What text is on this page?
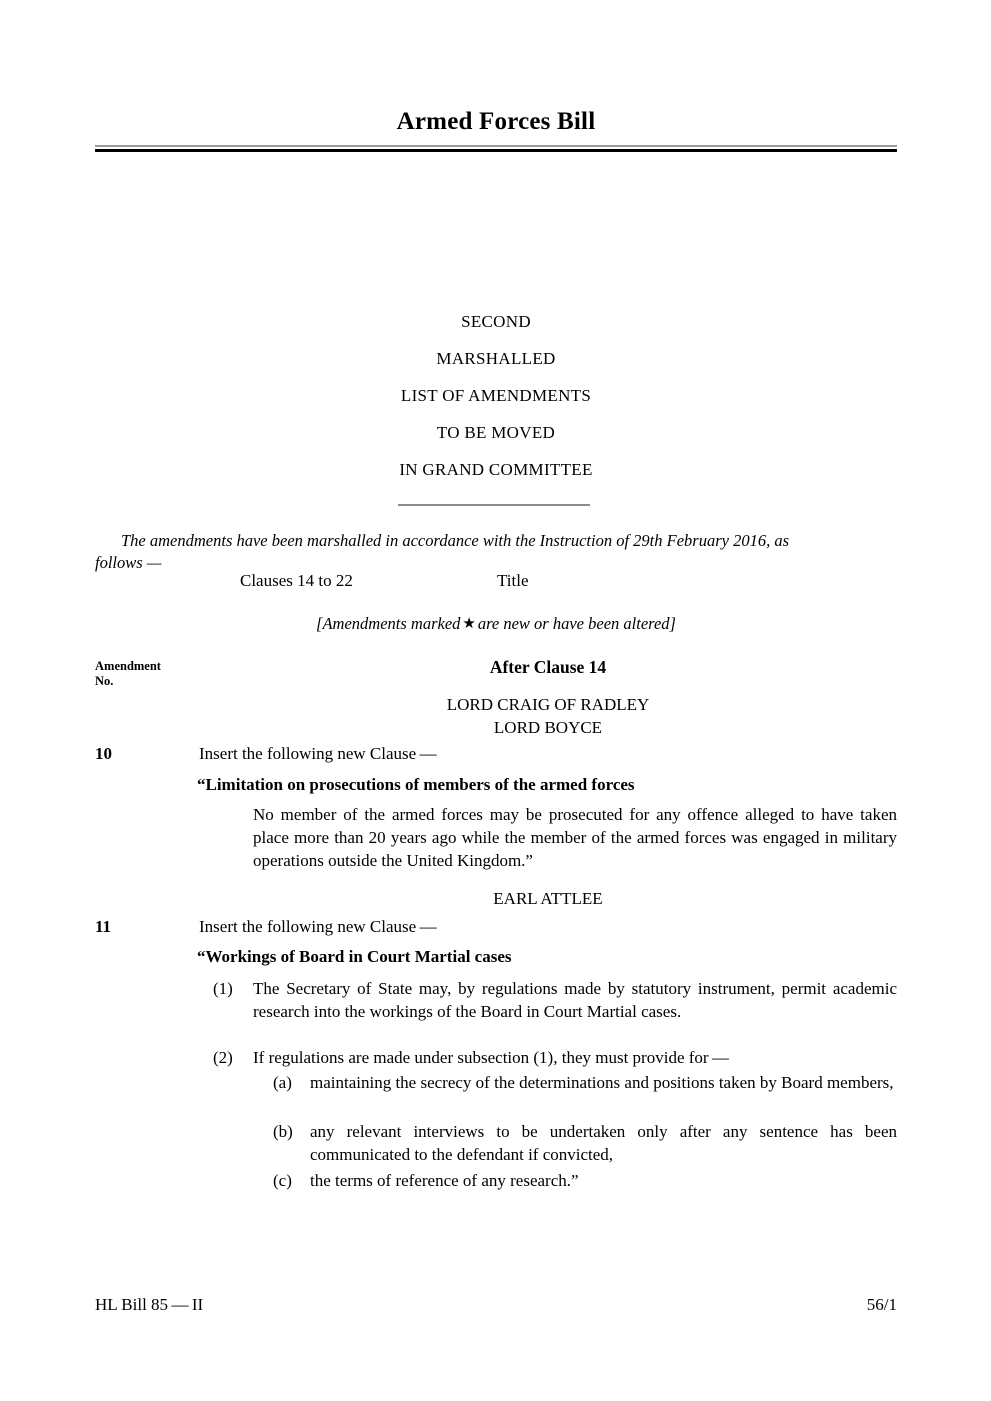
Armed Forces Bill
SECOND
MARSHALLED
LIST OF AMENDMENTS
TO BE MOVED
IN GRAND COMMITTEE
The amendments have been marshalled in accordance with the Instruction of 29th February 2016, as
follows —
Clauses 14 to 22	Title
[Amendments marked ★ are new or have been altered]
Amendment
No.
After Clause 14
LORD CRAIG OF RADLEY
LORD BOYCE
10	Insert the following new Clause —
“Limitation on prosecutions of members of the armed forces
No member of the armed forces may be prosecuted for any offence alleged to have taken place more than 20 years ago while the member of the armed forces was engaged in military operations outside the United Kingdom.”
EARL ATTLEE
11	Insert the following new Clause —
“Workings of Board in Court Martial cases
(1) The Secretary of State may, by regulations made by statutory instrument, permit academic research into the workings of the Board in Court Martial cases.
(2) If regulations are made under subsection (1), they must provide for —
(a) maintaining the secrecy of the determinations and positions taken by Board members,
(b) any relevant interviews to be undertaken only after any sentence has been communicated to the defendant if convicted,
(c) the terms of reference of any research.”
HL Bill 85 — II	56/1
